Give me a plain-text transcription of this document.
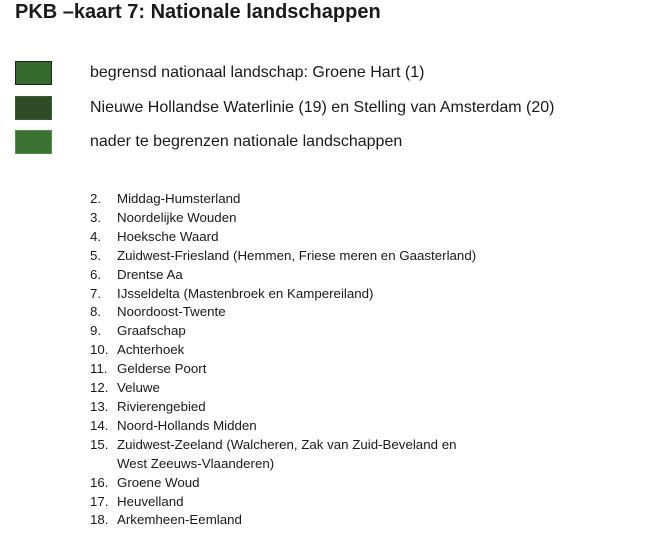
PKB –kaart 7: Nationale landschappen
begrensd nationaal landschap: Groene Hart (1)
Nieuwe Hollandse Waterlinie (19) en Stelling van Amsterdam (20)
nader te begrenzen nationale landschappen
2.	Middag-Humsterland
3.	Noordelijke Wouden
4.	Hoeksche Waard
5.	Zuidwest-Friesland (Hemmen, Friese meren en Gaasterland)
6.	Drentse Aa
7.	IJsseldelta (Mastenbroek en Kampereiland)
8.	Noordoost-Twente
9.	Graafschap
10. Achterhoek
11. Gelderse Poort
12. Veluwe
13. Rivierengebied
14. Noord-Hollands Midden
15. Zuidwest-Zeeland (Walcheren, Zak van Zuid-Beveland en
West Zeeuws-Vlaanderen)
16. Groene Woud
17. Heuvelland
18. Arkemheen-Eemland
